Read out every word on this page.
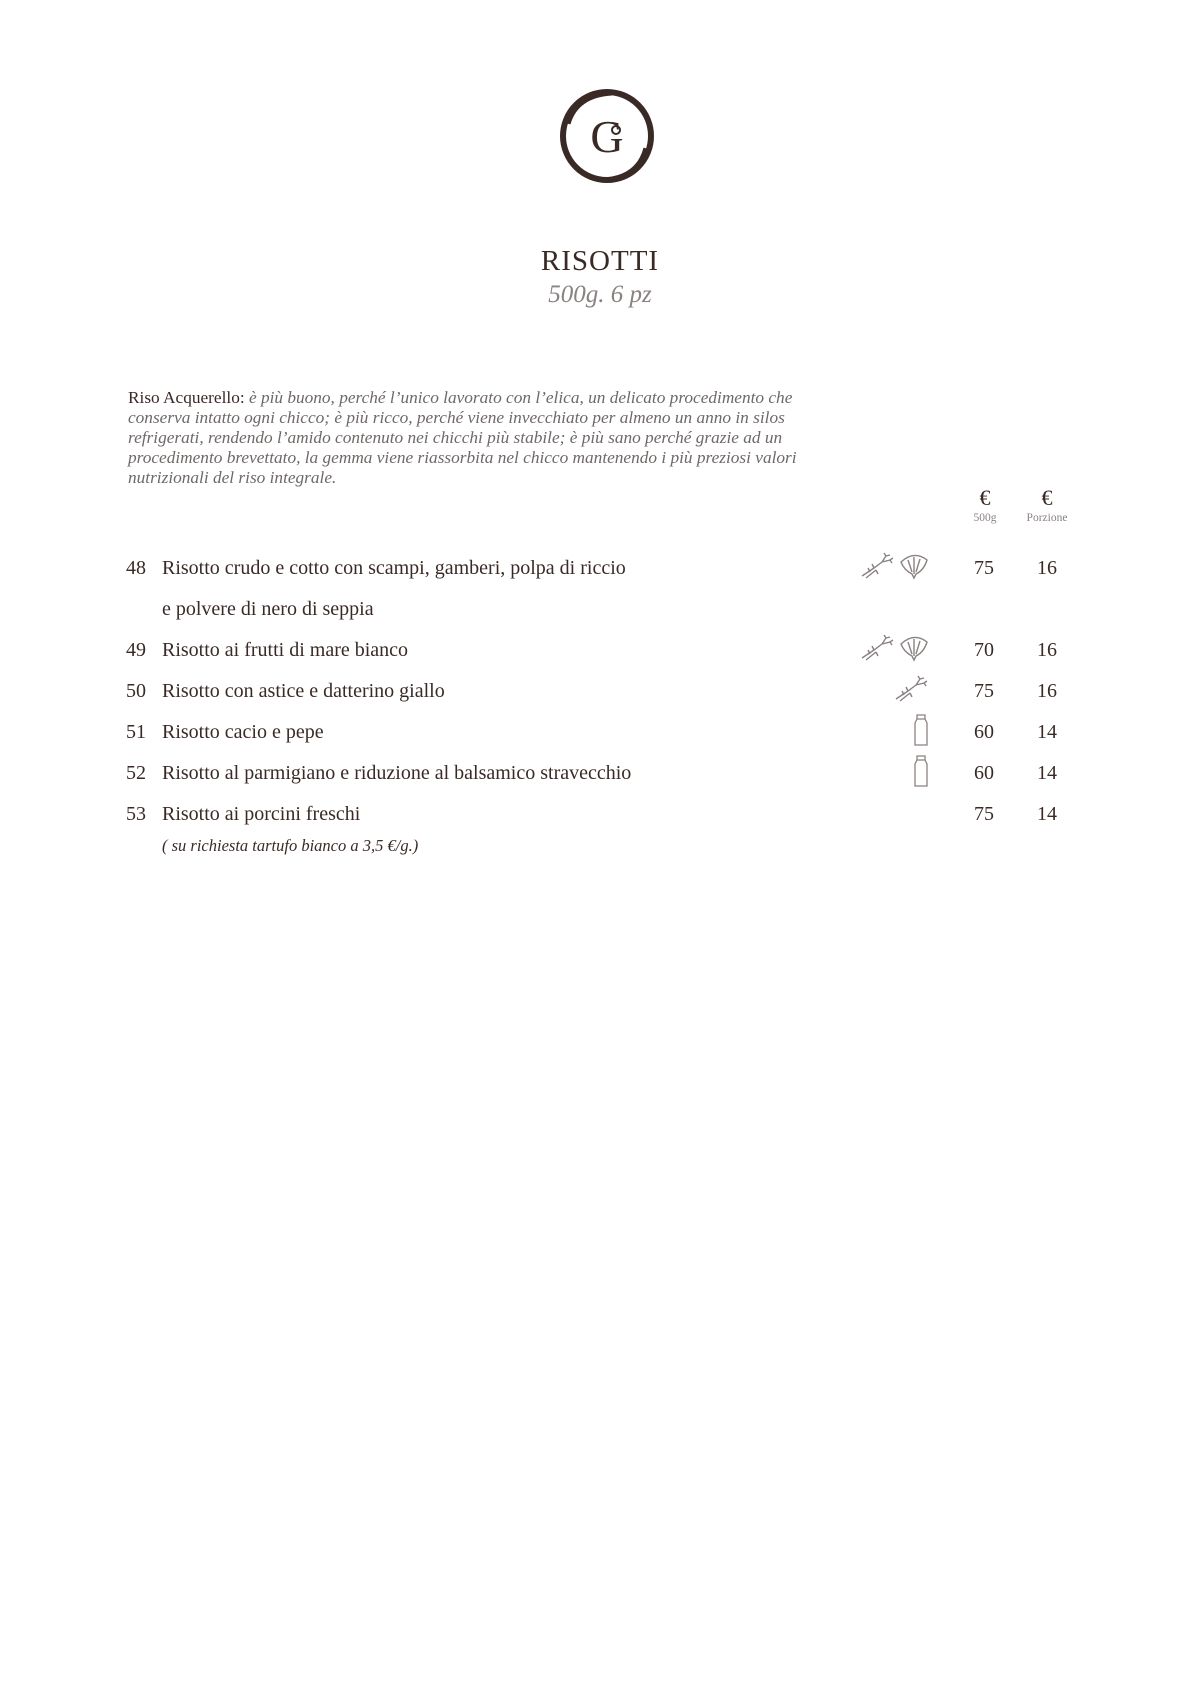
G
RISOTTI
500g. 6 pz
Riso Acquerello: è più buono, perché l’unico lavorato con l’elica, un delicato procedimento che conserva intatto ogni chicco; è più ricco, perché viene invecchiato per almeno un anno in silos refrigerati, rendendo l’amido contenuto nei chicchi più stabile; è più sano perché grazie ad un procedimento brevettato, la gemma viene riassorbita nel chicco mantenendo i più preziosi valori nutrizionali del riso integrale.
€
500g
€
Porzione
48 Risotto crudo e cotto con scampi, gamberi, polpa di riccio	75	16
e polvere di nero di seppia
49 Risotto ai frutti di mare bianco	70	16
50 Risotto con astice e datterino giallo	75	16
51 Risotto cacio e pepe	60	14
52 Risotto al parmigiano e riduzione al balsamico stravecchio	60	14
53 Risotto ai porcini freschi	75	14
( su richiesta tartufo bianco a 3,5 €/g.)
